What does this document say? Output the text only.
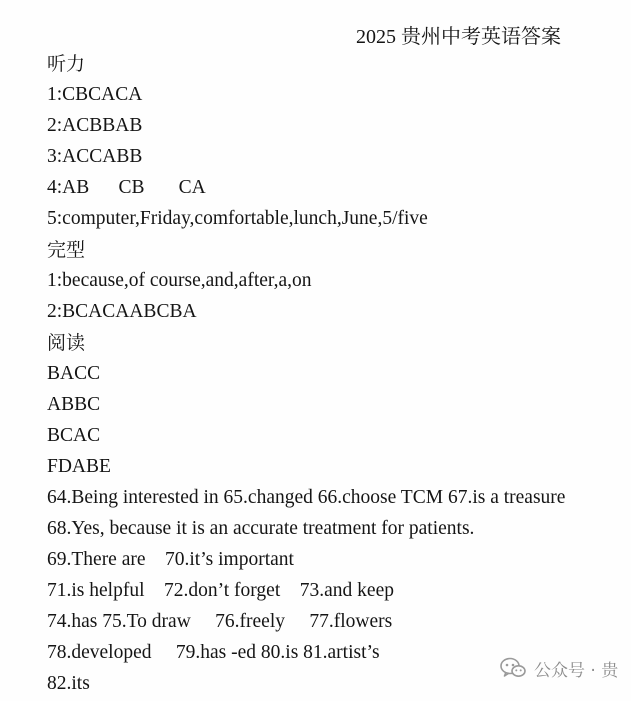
2025 贵州中考英语答案
听力
1:CBCACA
2:ACBBAB
3:ACCABB
4:AB      CB       CA
5:computer,Friday,comfortable,lunch,June,5/five
完型
1:because,of course,and,after,a,on
2:BCACAABCBA
阅读
BACC
ABBC
BCAC
FDABE
64.Being interested in 65.changed 66.choose TCM 67.is a treasure
68.Yes, because it is an accurate treatment for patients.
69.There are    70.it’s important
71.is helpful    72.don’t forget    73.and keep
74.has 75.To draw     76.freely     77.flowers
78.developed     79.has -ed 80.is 81.artist’s
82.its
公众号 · 贵
